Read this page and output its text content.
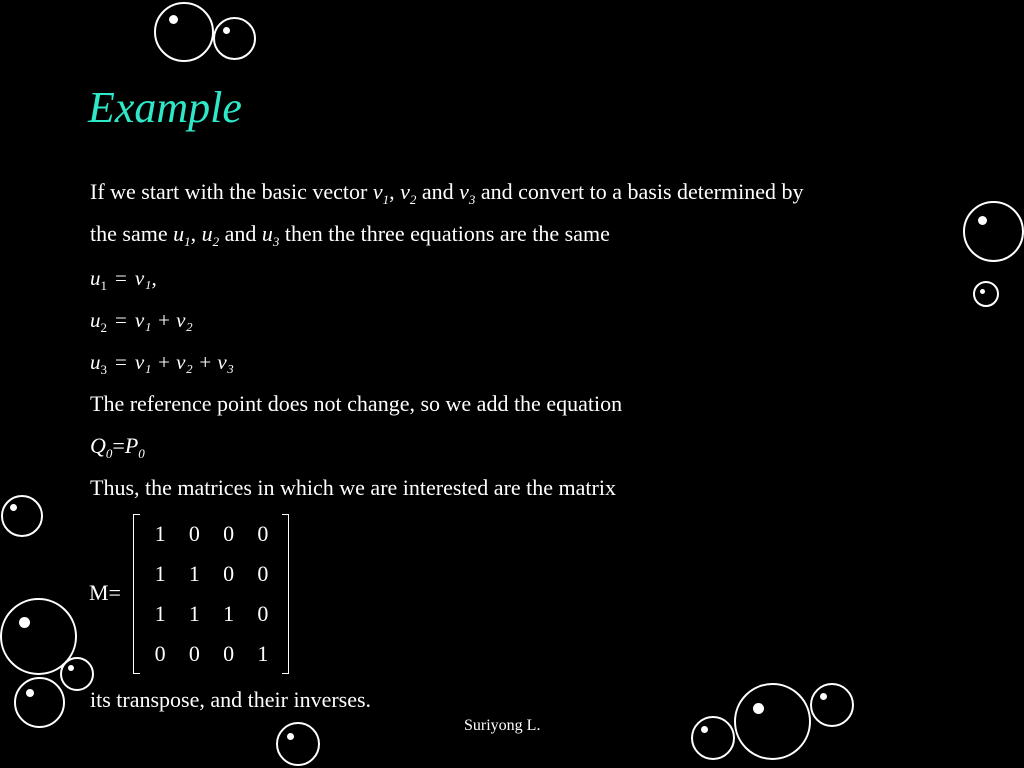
Example
If we start with the basic vector $v_1$, $v_2$ and $v_3$ and convert to a basis determined by
the same $u_1$, $u_2$ and $u_3$ then the three equations are the same
$u_1 = v_1$,
$u_2 = v_1 + v_2$
$u_3 = v_1 + v_2 + v_3$
The reference point does not change, so we add the equation
$Q_0=P_0$
Thus, the matrices in which we are interested are the matrix
M=
1	0	0	0
1	1	0	0
1	1	1	0
0	0	0	1
its transpose, and their inverses.
Suriyong L.
